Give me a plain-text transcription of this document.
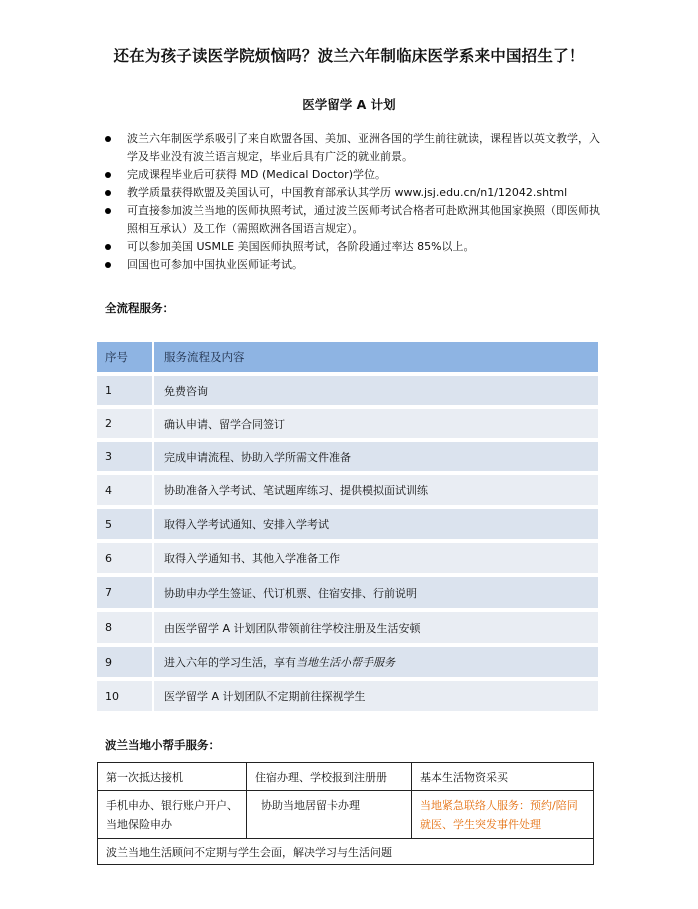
还在为孩子读医学院烦恼吗？波兰六年制临床医学系来中国招生了！
医学留学 A 计划
波兰六年制医学系吸引了来自欧盟各国、美加、亚洲各国的学生前往就读，课程皆以英文教学，入学及毕业没有波兰语言规定，毕业后具有广泛的就业前景。
完成课程毕业后可获得 MD (Medical Doctor)学位。
教学质量获得欧盟及美国认可，中国教育部承认其学历 www.jsj.edu.cn/n1/12042.shtml
可直接参加波兰当地的医师执照考试，通过波兰医师考试合格者可赴欧洲其他国家换照（即医师执照相互承认）及工作（需照欧洲各国语言规定）。
可以参加美国 USMLE 美国医师执照考试，各阶段通过率达 85%以上。
回国也可参加中国执业医师证考试。
全流程服务：
序号	服务流程及内容
1	免费咨询
2	确认申请、留学合同签订
3	完成申请流程、协助入学所需文件准备
4	协助准备入学考试、笔试题库练习、提供模拟面试训练
5	取得入学考试通知、安排入学考试
6	取得入学通知书、其他入学准备工作
7	协助申办学生签证、代订机票、住宿安排、行前说明
8	由医学留学 A 计划团队带领前往学校注册及生活安顿
9	进入六年的学习生活，享有当地生活小帮手服务
10	医学留学 A 计划团队不定期前往探视学生
波兰当地小帮手服务：
第一次抵达接机	住宿办理、学校报到注册册	基本生活物资采买
手机申办、银行账户开户、当地保险申办	协助当地居留卡办理	当地紧急联络人服务：预约/陪同就医、学生突发事件处理
波兰当地生活顾问不定期与学生会面，解决学习与生活问题		
